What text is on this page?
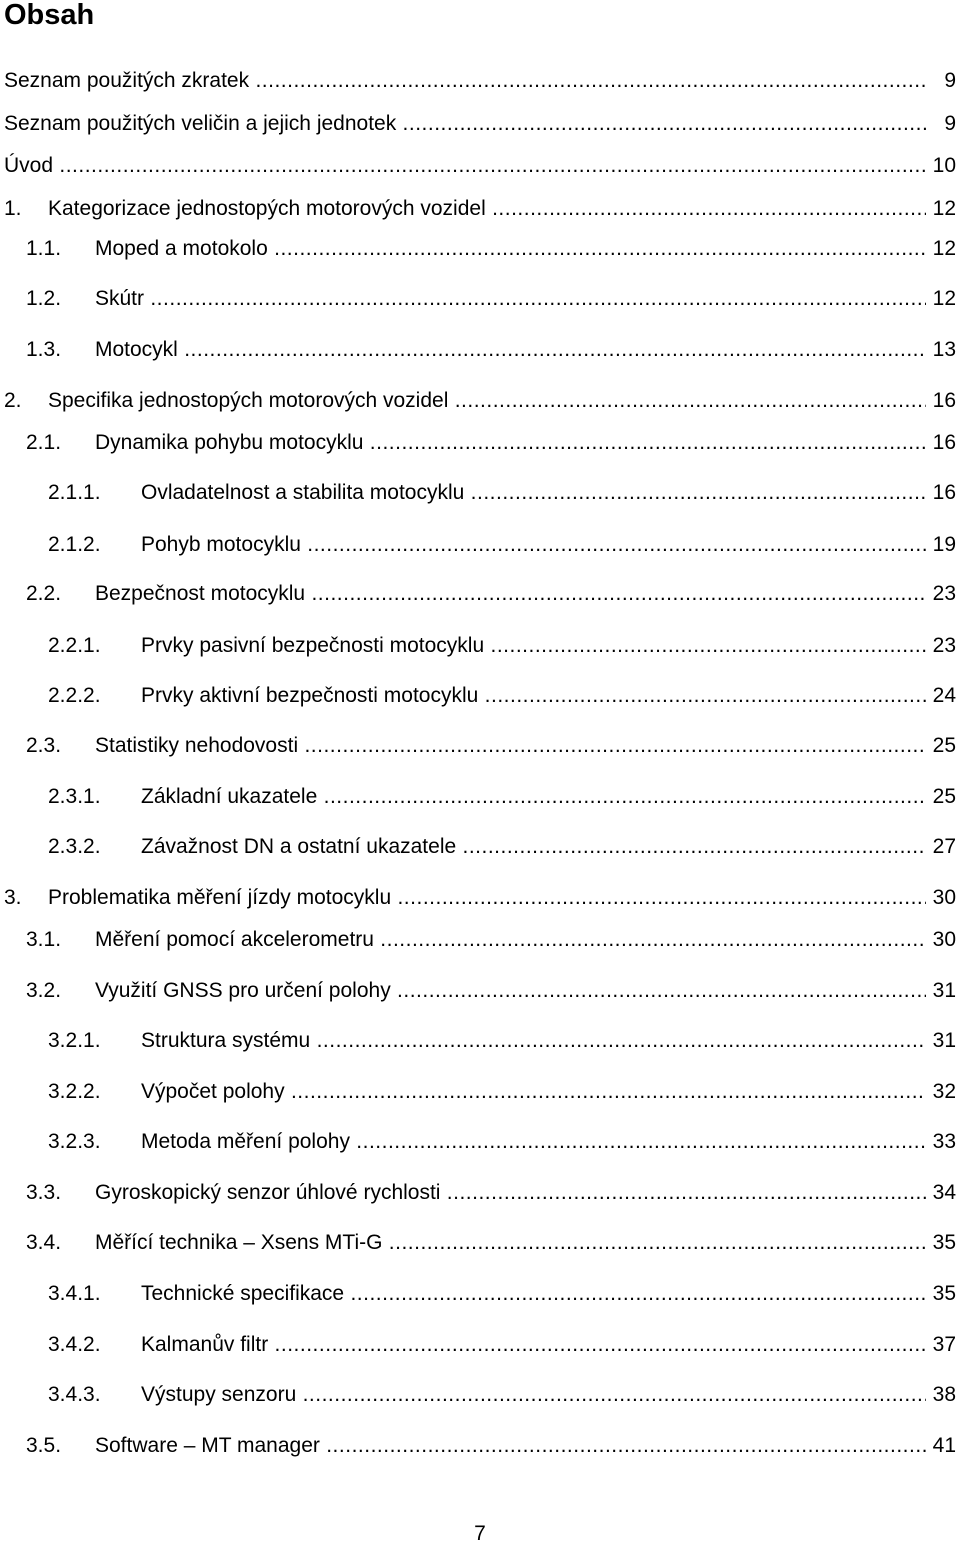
Obsah
Seznam použitých zkratek .....	9
Seznam použitých veličin a jejich jednotek .....	9
Úvod .....	10
1. Kategorizace jednostopých motorových vozidel .....	12
1.1. Moped a motokolo .....	12
1.2. Skútr .....	12
1.3. Motocykl .....	13
2. Specifika jednostopých motorových vozidel .....	16
2.1. Dynamika pohybu motocyklu .....	16
2.1.1. Ovladatelnost a stabilita motocyklu .....	16
2.1.2. Pohyb motocyklu .....	19
2.2. Bezpečnost motocyklu .....	23
2.2.1. Prvky pasivní bezpečnosti motocyklu .....	23
2.2.2. Prvky aktivní bezpečnosti motocyklu .....	24
2.3. Statistiky nehodovosti .....	25
2.3.1. Základní ukazatele .....	25
2.3.2. Závažnost DN a ostatní ukazatele .....	27
3. Problematika měření jízdy motocyklu .....	30
3.1. Měření pomocí akcelerometru .....	30
3.2. Využití GNSS pro určení polohy .....	31
3.2.1. Struktura systému .....	31
3.2.2. Výpočet polohy .....	32
3.2.3. Metoda měření polohy .....	33
3.3. Gyroskopický senzor úhlové rychlosti .....	34
3.4. Měřící technika – Xsens MTi-G .....	35
3.4.1. Technické specifikace .....	35
3.4.2. Kalmanův filtr .....	37
3.4.3. Výstupy senzoru .....	38
3.5. Software – MT manager .....	41
7
